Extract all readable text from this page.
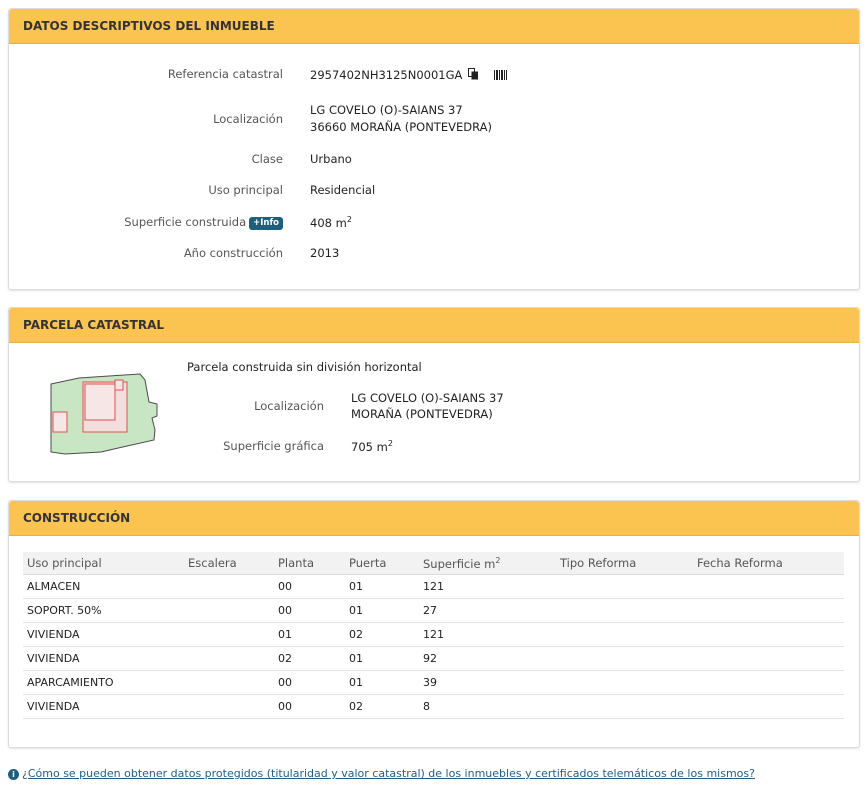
DATOS DESCRIPTIVOS DEL INMUEBLE
Referencia catastral 2957402NH3125N0001GA
Localización
LG COVELO (O)-SAIANS 37
36660 MORAÑA (PONTEVEDRA)
Clase Urbano
Uso principal Residencial
Superficie construida +Info	408 $m^2$
Año construcción 2013
PARCELA CATASTRAL
Parcela construida sin división horizontal
Localización
LG COVELO (O)-SAIANS 37
MORAÑA (PONTEVEDRA)
Superficie gráfica 705 $m^2$
CONSTRUCCIÓN
Uso principal	Escalera	Planta	Puerta	Superficie $m^2$	Tipo Reforma	Fecha Reforma
ALMACEN		00	01	121		
SOPORT. 50%		00	01	27		
VIVIENDA		01	02	121		
VIVIENDA		02	01	92		
APARCAMIENTO		00	01	39		
VIVIENDA		00	02	8		
i ¿Cómo se pueden obtener datos protegidos (titularidad y valor catastral) de los inmuebles y certificados telemáticos de los mismos?
